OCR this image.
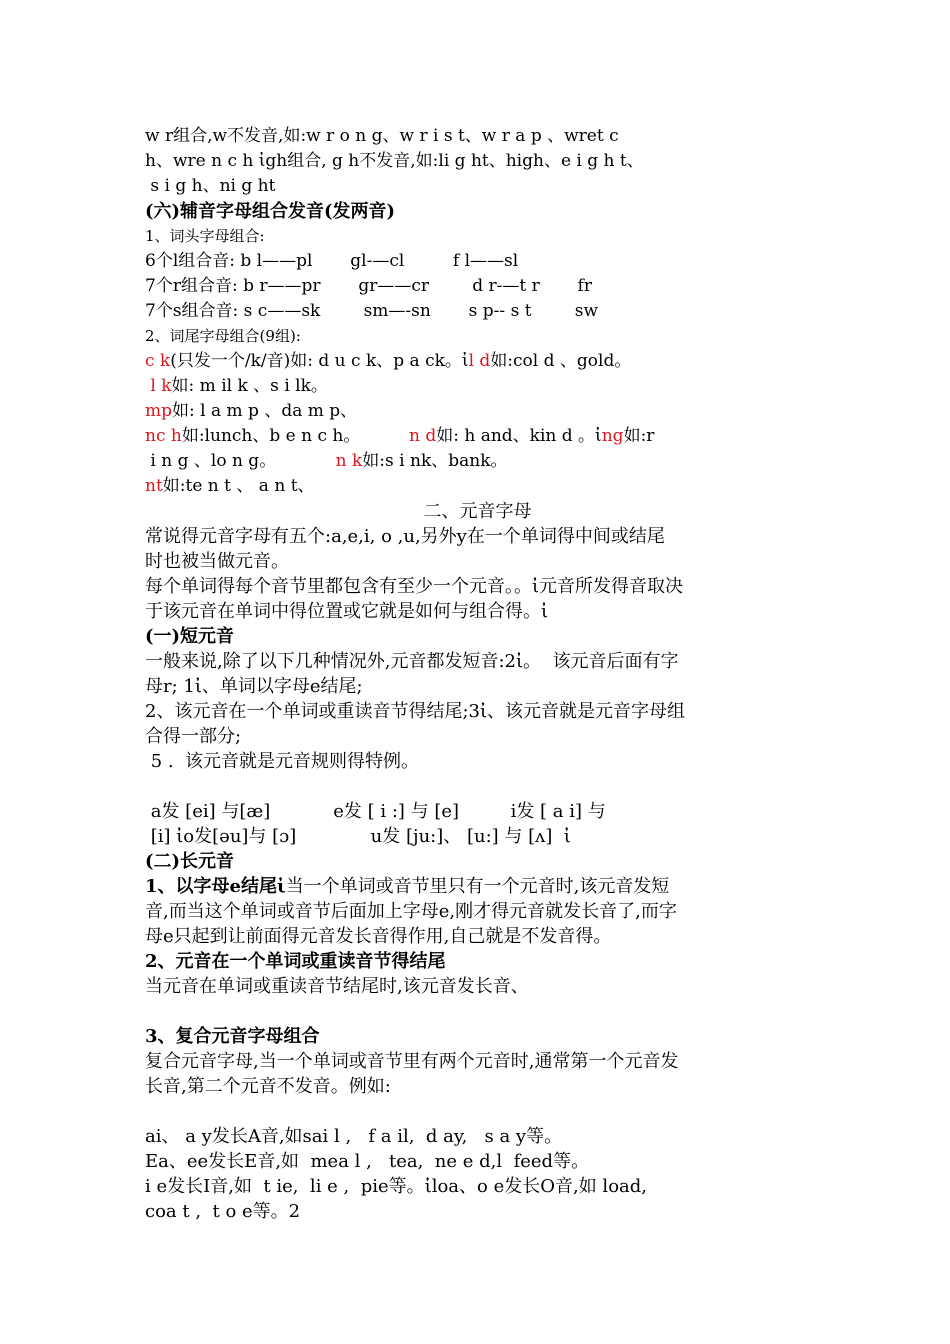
w r组合,w不发音,如:w r o n g、w r i s t、w r a p 、wret c
h、wre n c h ἰgh组合, g h不发音,如:li g ht、high、e i g h t、
s i g h、ni g ht
(六)辅音字母组合发音(发两音)
1、词头字母组合:
6个l组合音: b l——pl       gl-—cl         f l——sl
7个r组合音: b r——pr       gr——cr        d r-—t r       fr
7个s组合音: s c——sk        sm—-sn       s p-- s t        sw
2、词尾字母组合(9组):
c k(只发一个/k/音)如: d u c k、p a ck。ἰl d如:col d 、gold。
l k如: m il k 、s i lk。
mp如: l a m p 、da m p、
nc h如:lunch、b e n c h。         n d如: h and、kin d 。ἰng如:r
i n g 、lo n g。           n k如:s i nk、bank。
nt如:te n t 、 a n t、
二、元音字母
常说得元音字母有五个:a,e,i, o ,u,另外y在一个单词得中间或结尾
时也被当做元音。
每个单词得每个音节里都包含有至少一个元音。。ἰ元音所发得音取决
于该元音在单词中得位置或它就是如何与组合得。ἰ
(一)短元音
一般来说,除了以下几种情况外,元音都发短音:2ἰ。  该元音后面有字
母r; 1ἰ、单词以字母e结尾;
2、该元音在一个单词或重读音节得结尾;3ἰ、该元音就是元音字母组
合得一部分;
5 .  该元音就是元音规则得特例。
a发 [ei] 与[æ]           e发 [ i :] 与 [e]         i发 [ a i] 与
[i] ἰo发[əu]与 [ɔ]             u发 [ju:]、 [u:] 与 [ʌ]  ἰ
(二)长元音
1、以字母e结尾ἰ当一个单词或音节里只有一个元音时,该元音发短
音,而当这个单词或音节后面加上字母e,刚才得元音就发长音了,而字
母e只起到让前面得元音发长音得作用,自己就是不发音得。
2、元音在一个单词或重读音节得结尾
当元音在单词或重读音节结尾时,该元音发长音、
3、复合元音字母组合
复合元音字母,当一个单词或音节里有两个元音时,通常第一个元音发
长音,第二个元音不发音。例如:
ai、 a y发长A音,如sai l ,   f a il,  d ay,   s a y等。
Ea、ee发长E音,如  mea l ,   tea,  ne e d,l  feed等。
i e发长I音,如  t ie,  li e ,  pie等。ἰloa、o e发长O音,如 load,
coa t ,  t o e等。2
